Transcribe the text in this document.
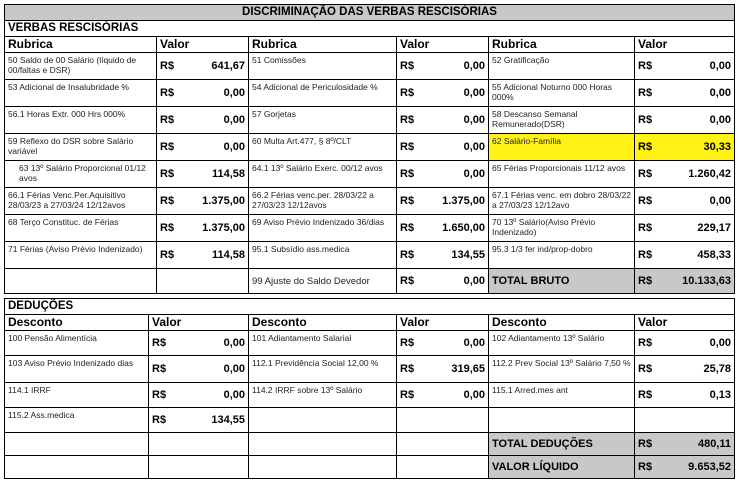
DISCRIMINAÇÃO DAS VERBAS RESCISÓRIAS					
VERBAS RESCISÓRIAS					
Rubrica	Valor	Rubrica	Valor	Rubrica	Valor
50 Saldo de 00 Salário (líquido de 00/faltas e DSR)	R$ 641,67	51 Comissões	R$ 0,00	52 Gratificação	R$ 0,00

53 Adicional de Insalubridade %	R$ 0,00	54 Adicional de Periculosidade %	R$ 0,00	55 Adicional Noturno 000 Horas 000%	R$ 0,00

56.1 Horas Extr. 000 Hrs 000%	R$ 0,00	57 Gorjetas	R$ 0,00	58 Descanso Semanal Remunerado(DSR)	R$ 0,00

59 Reflexo do DSR sobre Salário variável	R$ 0,00	60 Multa Art.477, § 8º/CLT	R$ 0,00	62 Salário-Família	R$ 30,33

63 13º Salário Proporcional 01/12 avos	R$ 114,58	64.1 13º Salário Exerc. 00/12 avos	R$ 0,00	65 Férias Proporcionais 11/12 avos	R$ 1.260,42

66.1 Férias Venc.Per.Aquisitivo 28/03/23 a 27/03/24 12/12avos	R$ 1.375,00	66.2 Férias venc.per. 28/03/22 a 27/03/23 12/12avos	R$ 1.375,00	67.1 Férias venc. em dobro 28/03/22 a 27/03/23 12/12avo	R$ 0,00

68 Terço Constituc. de Férias	R$ 1.375,00	69 Aviso Prévio Indenizado 36/dias	R$ 1.650,00	70 13º Salário(Aviso Prévio Indenizado)	R$ 229,17

71 Férias (Aviso Prévio Indenizado)	R$ 114,58	95.1 Subsídio ass.medica	R$ 134,55	95.3 1/3 fer ind/prop-dobro	R$ 458,33

		99 Ajuste do Saldo Devedor	R$ 0,00	TOTAL BRUTO	R$ 10.133,63
DEDUÇÕES					
Desconto	Valor	Desconto	Valor	Desconto	Valor
100 Pensão Alimentícia	R$ 0,00	101 Adiantamento Salarial	R$ 0,00	102 Adiantamento 13º Salário	R$ 0,00

103 Aviso Prévio Indenizado dias	R$ 0,00	112.1 Previdência Social 12,00 %	R$ 319,65	112.2 Prev Social 13º Salário 7,50 %	R$ 25,78

114.1 IRRF	R$ 0,00	114.2 IRRF sobre 13º Salário	R$ 0,00	115.1 Arred.mes ant	R$ 0,13

115.2 Ass.medica	R$ 134,55				

				TOTAL DEDUÇÕES	R$ 480,11

				VALOR LÍQUIDO	R$ 9.653,52
